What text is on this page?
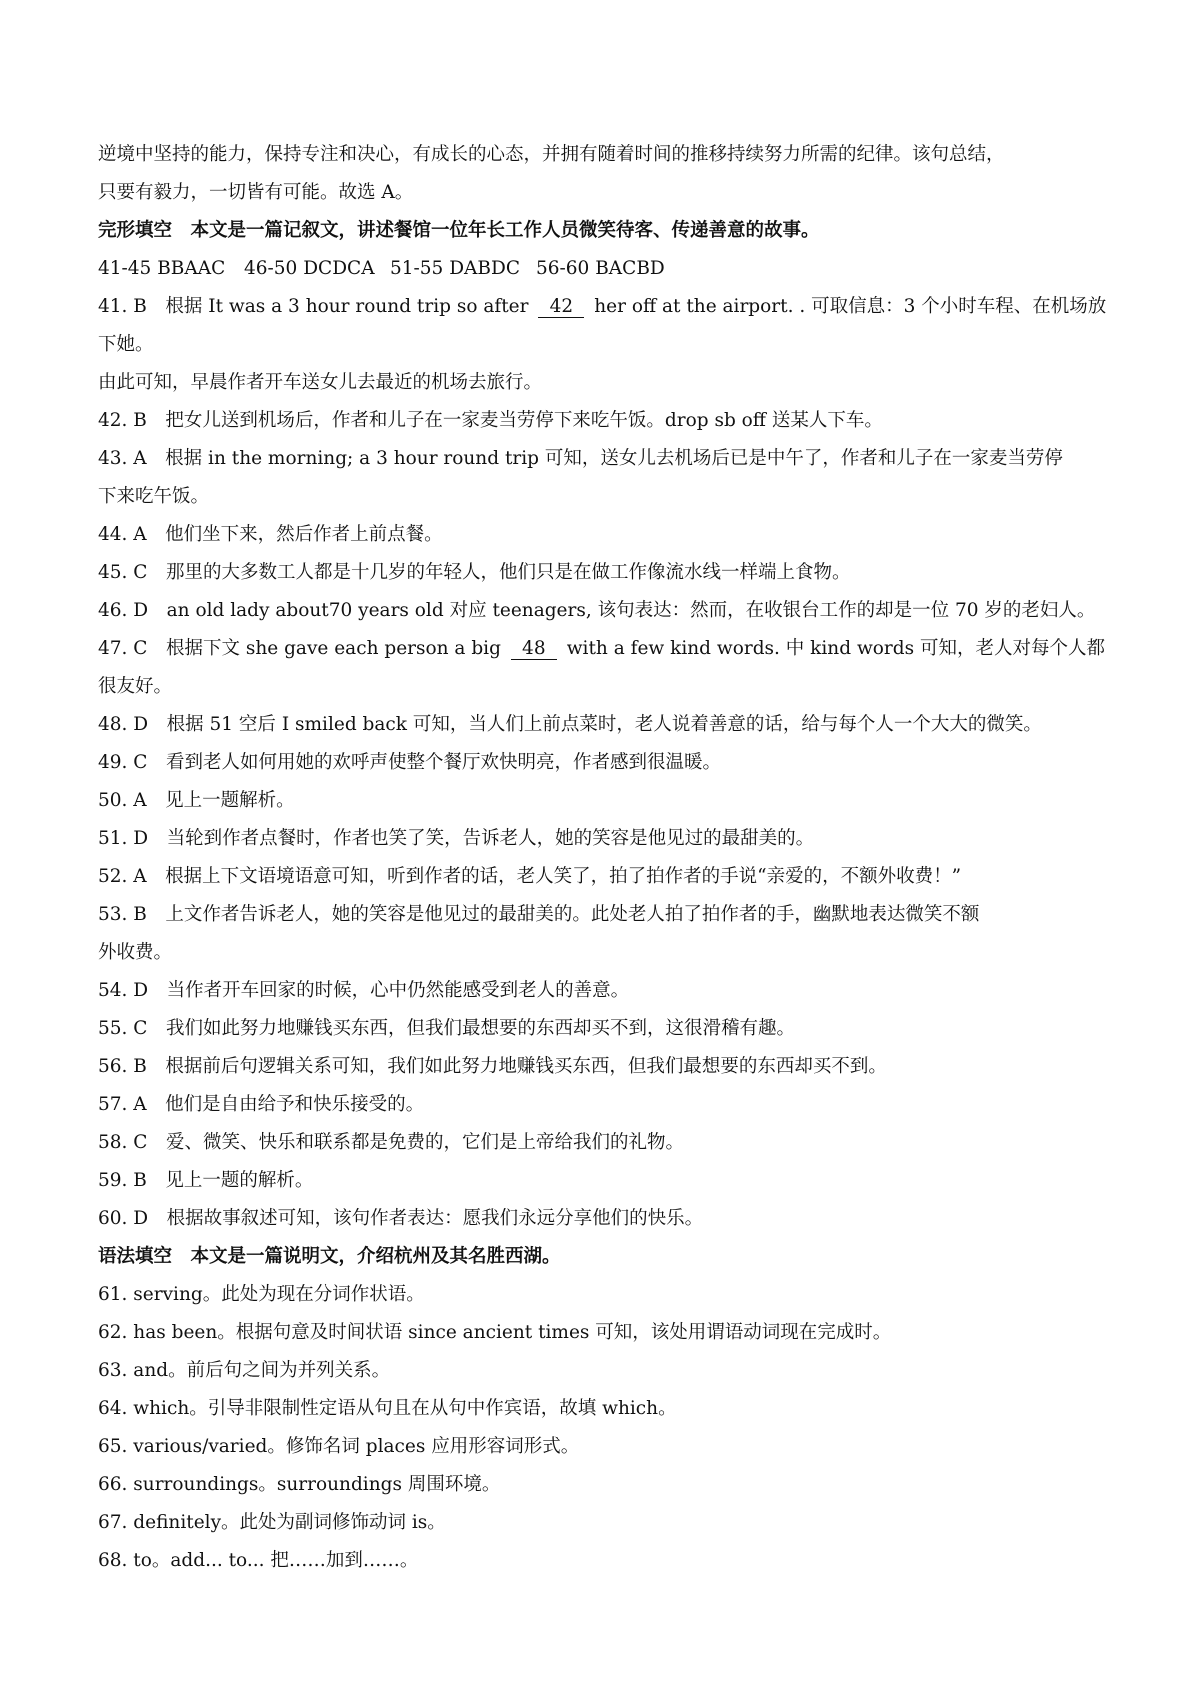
逆境中坚持的能力，保持专注和决心，有成长的心态，并拥有随着时间的推移持续努力所需的纪律。该句总结，
只要有毅力，一切皆有可能。故选 A。
完形填空　本文是一篇记叙文，讲述餐馆一位年长工作人员微笑待客、传递善意的故事。
41-45 BBAAC 46-50 DCDCA 51-55 DABDC 56-60 BACBD
41. B　根据 It was a 3 hour round trip so after 42 her off at the airport. . 可取信息：3 个小时车程、在机场放
下她。
由此可知，早晨作者开车送女儿去最近的机场去旅行。
42. B　把女儿送到机场后，作者和儿子在一家麦当劳停下来吃午饭。drop sb off 送某人下车。
43. A　根据 in the morning; a 3 hour round trip 可知，送女儿去机场后已是中午了，作者和儿子在一家麦当劳停
下来吃午饭。
44. A　他们坐下来，然后作者上前点餐。
45. C　那里的大多数工人都是十几岁的年轻人，他们只是在做工作像流水线一样端上食物。
46. D　an old lady about70 years old 对应 teenagers, 该句表达：然而，在收银台工作的却是一位 70 岁的老妇人。
47. C　根据下文 she gave each person a big 48 with a few kind words. 中 kind words 可知，老人对每个人都
很友好。
48. D　根据 51 空后 I smiled back 可知，当人们上前点菜时，老人说着善意的话，给与每个人一个大大的微笑。
49. C　看到老人如何用她的欢呼声使整个餐厅欢快明亮，作者感到很温暖。
50. A　见上一题解析。
51. D　当轮到作者点餐时，作者也笑了笑，告诉老人，她的笑容是他见过的最甜美的。
52. A　根据上下文语境语意可知，听到作者的话，老人笑了，拍了拍作者的手说“亲爱的，不额外收费！”
53. B　上文作者告诉老人，她的笑容是他见过的最甜美的。此处老人拍了拍作者的手，幽默地表达微笑不额
外收费。
54. D　当作者开车回家的时候，心中仍然能感受到老人的善意。
55. C　我们如此努力地赚钱买东西，但我们最想要的东西却买不到，这很滑稽有趣。
56. B　根据前后句逻辑关系可知，我们如此努力地赚钱买东西，但我们最想要的东西却买不到。
57. A　他们是自由给予和快乐接受的。
58. C　爱、微笑、快乐和联系都是免费的，它们是上帝给我们的礼物。
59. B　见上一题的解析。
60. D　根据故事叙述可知，该句作者表达：愿我们永远分享他们的快乐。
语法填空　本文是一篇说明文，介绍杭州及其名胜西湖。
61. serving。此处为现在分词作状语。
62. has been。根据句意及时间状语 since ancient times 可知，该处用谓语动词现在完成时。
63. and。前后句之间为并列关系。
64. which。引导非限制性定语从句且在从句中作宾语，故填 which。
65. various/varied。修饰名词 places 应用形容词形式。
66. surroundings。surroundings 周围环境。
67. definitely。此处为副词修饰动词 is。
68. to。add... to... 把……加到……。
